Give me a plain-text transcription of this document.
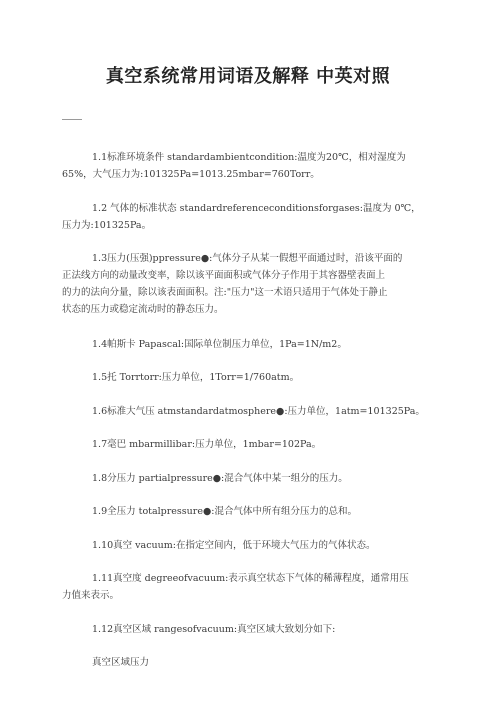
真空系统常用词语及解释 中英对照
1.1标准环境条件 standardambientcondition:温度为20℃，相对湿度为
65%，大气压力为:101325Pa=1013.25mbar=760Torr。
1.2 气体的标准状态 standardreferenceconditionsforgases:温度为 0℃，
压力为:101325Pa。
1.3压力(压强)ppressure●:气体分子从某一假想平面通过时，沿该平面的
正法线方向的动量改变率，除以该平面面积或气体分子作用于其容器壁表面上
的力的法向分量，除以该表面面积。注:"压力"这一术语只适用于气体处于静止
状态的压力或稳定流动时的静态压力。
1.4帕斯卡 Papascal:国际单位制压力单位，1Pa=1N/m2。
1.5托 Torrtorr:压力单位，1Torr=1/760atm。
1.6标准大气压 atmstandardatmosphere●:压力单位，1atm=101325Pa。
1.7毫巴 mbarmillibar:压力单位，1mbar=102Pa。
1.8分压力 partialpressure●:混合气体中某一组分的压力。
1.9全压力 totalpressure●:混合气体中所有组分压力的总和。
1.10真空 vacuum:在指定空间内，低于环境大气压力的气体状态。
1.11真空度 degreeofvacuum:表示真空状态下气体的稀薄程度，通常用压
力值来表示。
1.12真空区域 rangesofvacuum:真空区域大致划分如下:
真空区域压力
